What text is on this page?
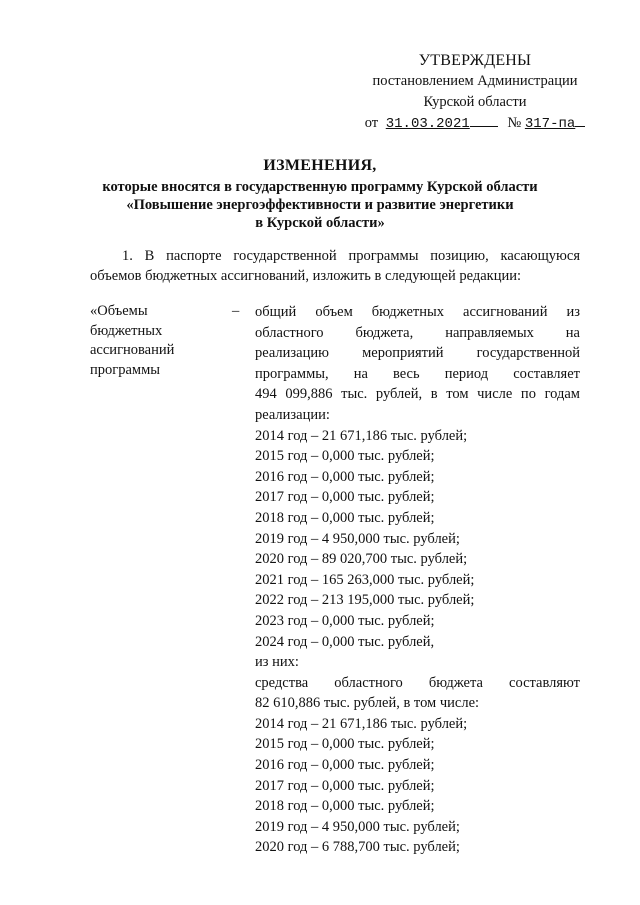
УТВЕРЖДЕНЫ
постановлением Администрации
Курской области
от 31.03.2021	№ 317-па
ИЗМЕНЕНИЯ,
которые вносятся в государственную программу Курской области
«Повышение энергоэффективности и развитие энергетики
в Курской области»
1. В паспорте государственной программы позицию, касающуюся объемов бюджетных ассигнований, изложить в следующей редакции:
«Объемы
бюджетных
ассигнований
программы
– общий объем бюджетных ассигнований из
областного бюджета, направляемых на
реализацию мероприятий государственной
программы, на весь период составляет
494 099,886 тыс. рублей, в том числе по годам
реализации:
2014 год – 21 671,186 тыс. рублей;
2015 год – 0,000 тыс. рублей;
2016 год – 0,000 тыс. рублей;
2017 год – 0,000 тыс. рублей;
2018 год – 0,000 тыс. рублей;
2019 год – 4 950,000 тыс. рублей;
2020 год – 89 020,700 тыс. рублей;
2021 год – 165 263,000 тыс. рублей;
2022 год – 213 195,000 тыс. рублей;
2023 год – 0,000 тыс. рублей;
2024 год – 0,000 тыс. рублей,
из них:
средства областного бюджета составляют
82 610,886 тыс. рублей, в том числе:
2014 год – 21 671,186 тыс. рублей;
2015 год – 0,000 тыс. рублей;
2016 год – 0,000 тыс. рублей;
2017 год – 0,000 тыс. рублей;
2018 год – 0,000 тыс. рублей;
2019 год – 4 950,000 тыс. рублей;
2020 год – 6 788,700 тыс. рублей;
